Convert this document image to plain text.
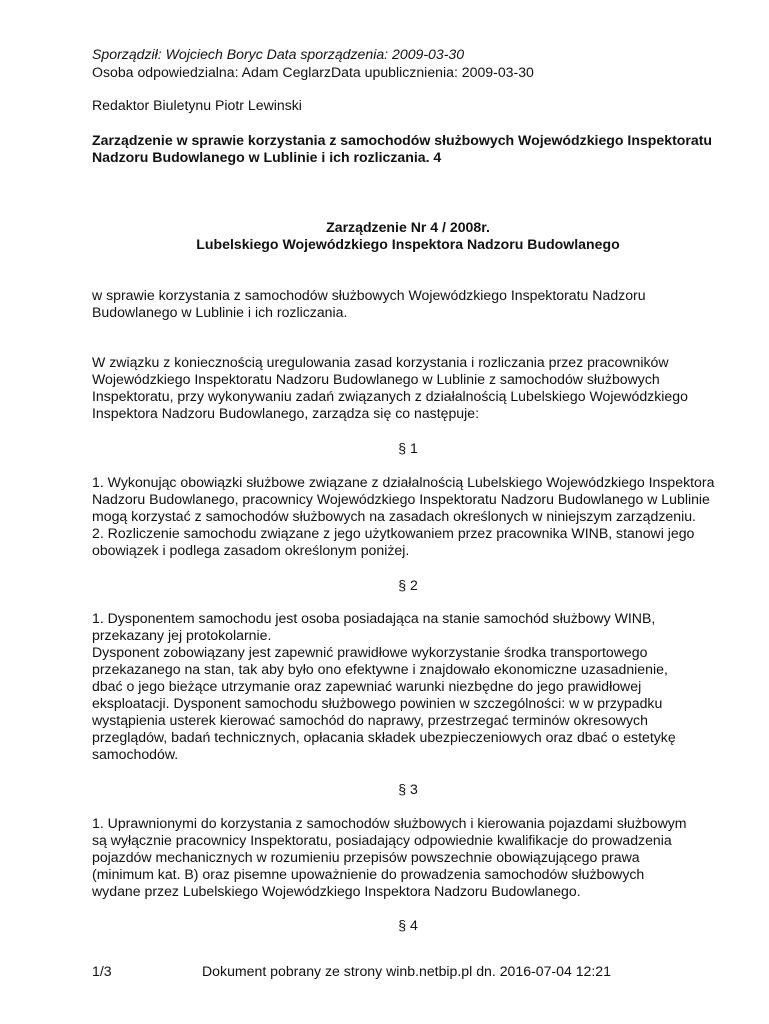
Sporządził: Wojciech Boryc Data sporządzenia: 2009-03-30
Osoba odpowiedzialna: Adam CeglarzData upublicznienia: 2009-03-30
Redaktor Biuletynu Piotr Lewinski
Zarządzenie w sprawie korzystania z samochodów służbowych Wojewódzkiego Inspektoratu
Nadzoru Budowlanego w Lublinie i ich rozliczania. 4
Zarządzenie Nr 4 / 2008r.
Lubelskiego Wojewódzkiego Inspektora Nadzoru Budowlanego
w sprawie korzystania z samochodów służbowych Wojewódzkiego Inspektoratu Nadzoru
Budowlanego w Lublinie i ich rozliczania.
W związku z koniecznością uregulowania zasad korzystania i rozliczania przez pracowników
Wojewódzkiego Inspektoratu Nadzoru Budowlanego w Lublinie z samochodów służbowych
Inspektoratu, przy wykonywaniu zadań związanych z działalnością Lubelskiego Wojewódzkiego
Inspektora Nadzoru Budowlanego, zarządza się co następuje:
§ 1
1. Wykonując obowiązki służbowe związane z działalnością Lubelskiego Wojewódzkiego Inspektora
Nadzoru Budowlanego, pracownicy Wojewódzkiego Inspektoratu Nadzoru Budowlanego w Lublinie
mogą korzystać z samochodów służbowych na zasadach określonych w niniejszym zarządzeniu.
2. Rozliczenie samochodu związane z jego użytkowaniem przez pracownika WINB, stanowi jego
obowiązek i podlega zasadom określonym poniżej.
§ 2
1. Dysponentem samochodu jest osoba posiadająca na stanie samochód służbowy WINB,
przekazany jej protokolarnie.
Dysponent zobowiązany jest zapewnić prawidłowe wykorzystanie środka transportowego
przekazanego na stan, tak aby było ono efektywne i znajdowało ekonomiczne uzasadnienie,
dbać o jego bieżące utrzymanie oraz zapewniać warunki niezbędne do jego prawidłowej
eksploatacji. Dysponent samochodu służbowego powinien w szczególności: w w przypadku
wystąpienia usterek kierować samochód do naprawy, przestrzegać terminów okresowych
przeglądów, badań technicznych, opłacania składek ubezpieczeniowych oraz dbać o estetykę
samochodów.
§ 3
1. Uprawnionymi do korzystania z samochodów służbowych i kierowania pojazdami służbowym
są wyłącznie pracownicy Inspektoratu, posiadający odpowiednie kwalifikacje do prowadzenia
pojazdów mechanicznych w rozumieniu przepisów powszechnie obowiązującego prawa
(minimum kat. B) oraz pisemne upoważnienie do prowadzenia samochodów służbowych
wydane przez Lubelskiego Wojewódzkiego Inspektora Nadzoru Budowlanego.
§ 4
1/3	Dokument pobrany ze strony winb.netbip.pl dn. 2016-07-04 12:21
